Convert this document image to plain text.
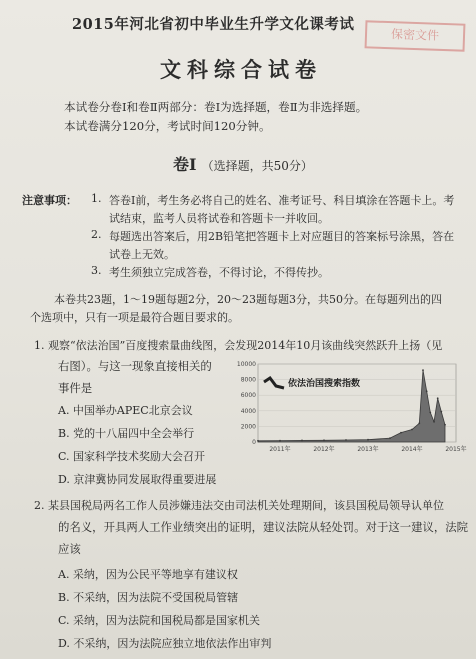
保密文件
2015年河北省初中毕业生升学文化课考试
文科综合试卷
本试卷分卷Ⅰ和卷Ⅱ两部分：卷Ⅰ为选择题，卷Ⅱ为非选择题。
本试卷满分120分，考试时间120分钟。
卷Ⅰ （选择题，共50分）
注意事项： 1. 答卷Ⅰ前，考生务必将自己的姓名、准考证号、科目填涂在答题卡上。考
试结束，监考人员将试卷和答题卡一并收回。
2. 每题选出答案后，用2B铅笔把答题卡上对应题目的答案标号涂黑，答在
试卷上无效。
3. 考生须独立完成答卷，不得讨论，不得传抄。
本卷共23题，1～19题每题2分，20～23题每题3分，共50分。在每题列出的四
个选项中，只有一项是最符合题目要求的。
1. 观察“依法治国”百度搜索量曲线图，会发现2014年10月该曲线突然跃升上扬（见
右图）。与这一现象直接相关的
事件是
A. 中国举办APEC北京会议
B. 党的十八届四中全会举行
C. 国家科学技术奖励大会召开
D. 京津冀协同发展取得重要进展
0
2000
4000
6000
8000
10000
2011年	2012年	2013年	2014年	2015年
依法治国搜索指数
2. 某县国税局两名工作人员涉嫌违法交由司法机关处理期间，该县国税局领导认单位
的名义，开具两人工作业绩突出的证明，建议法院从轻处罚。对于这一建议，法院
应该
A. 采纳，因为公民平等地享有建议权
B. 不采纳，因为法院不受国税局管辖
C. 采纳，因为法院和国税局都是国家机关
D. 不采纳，因为法院应独立地依法作出审判
